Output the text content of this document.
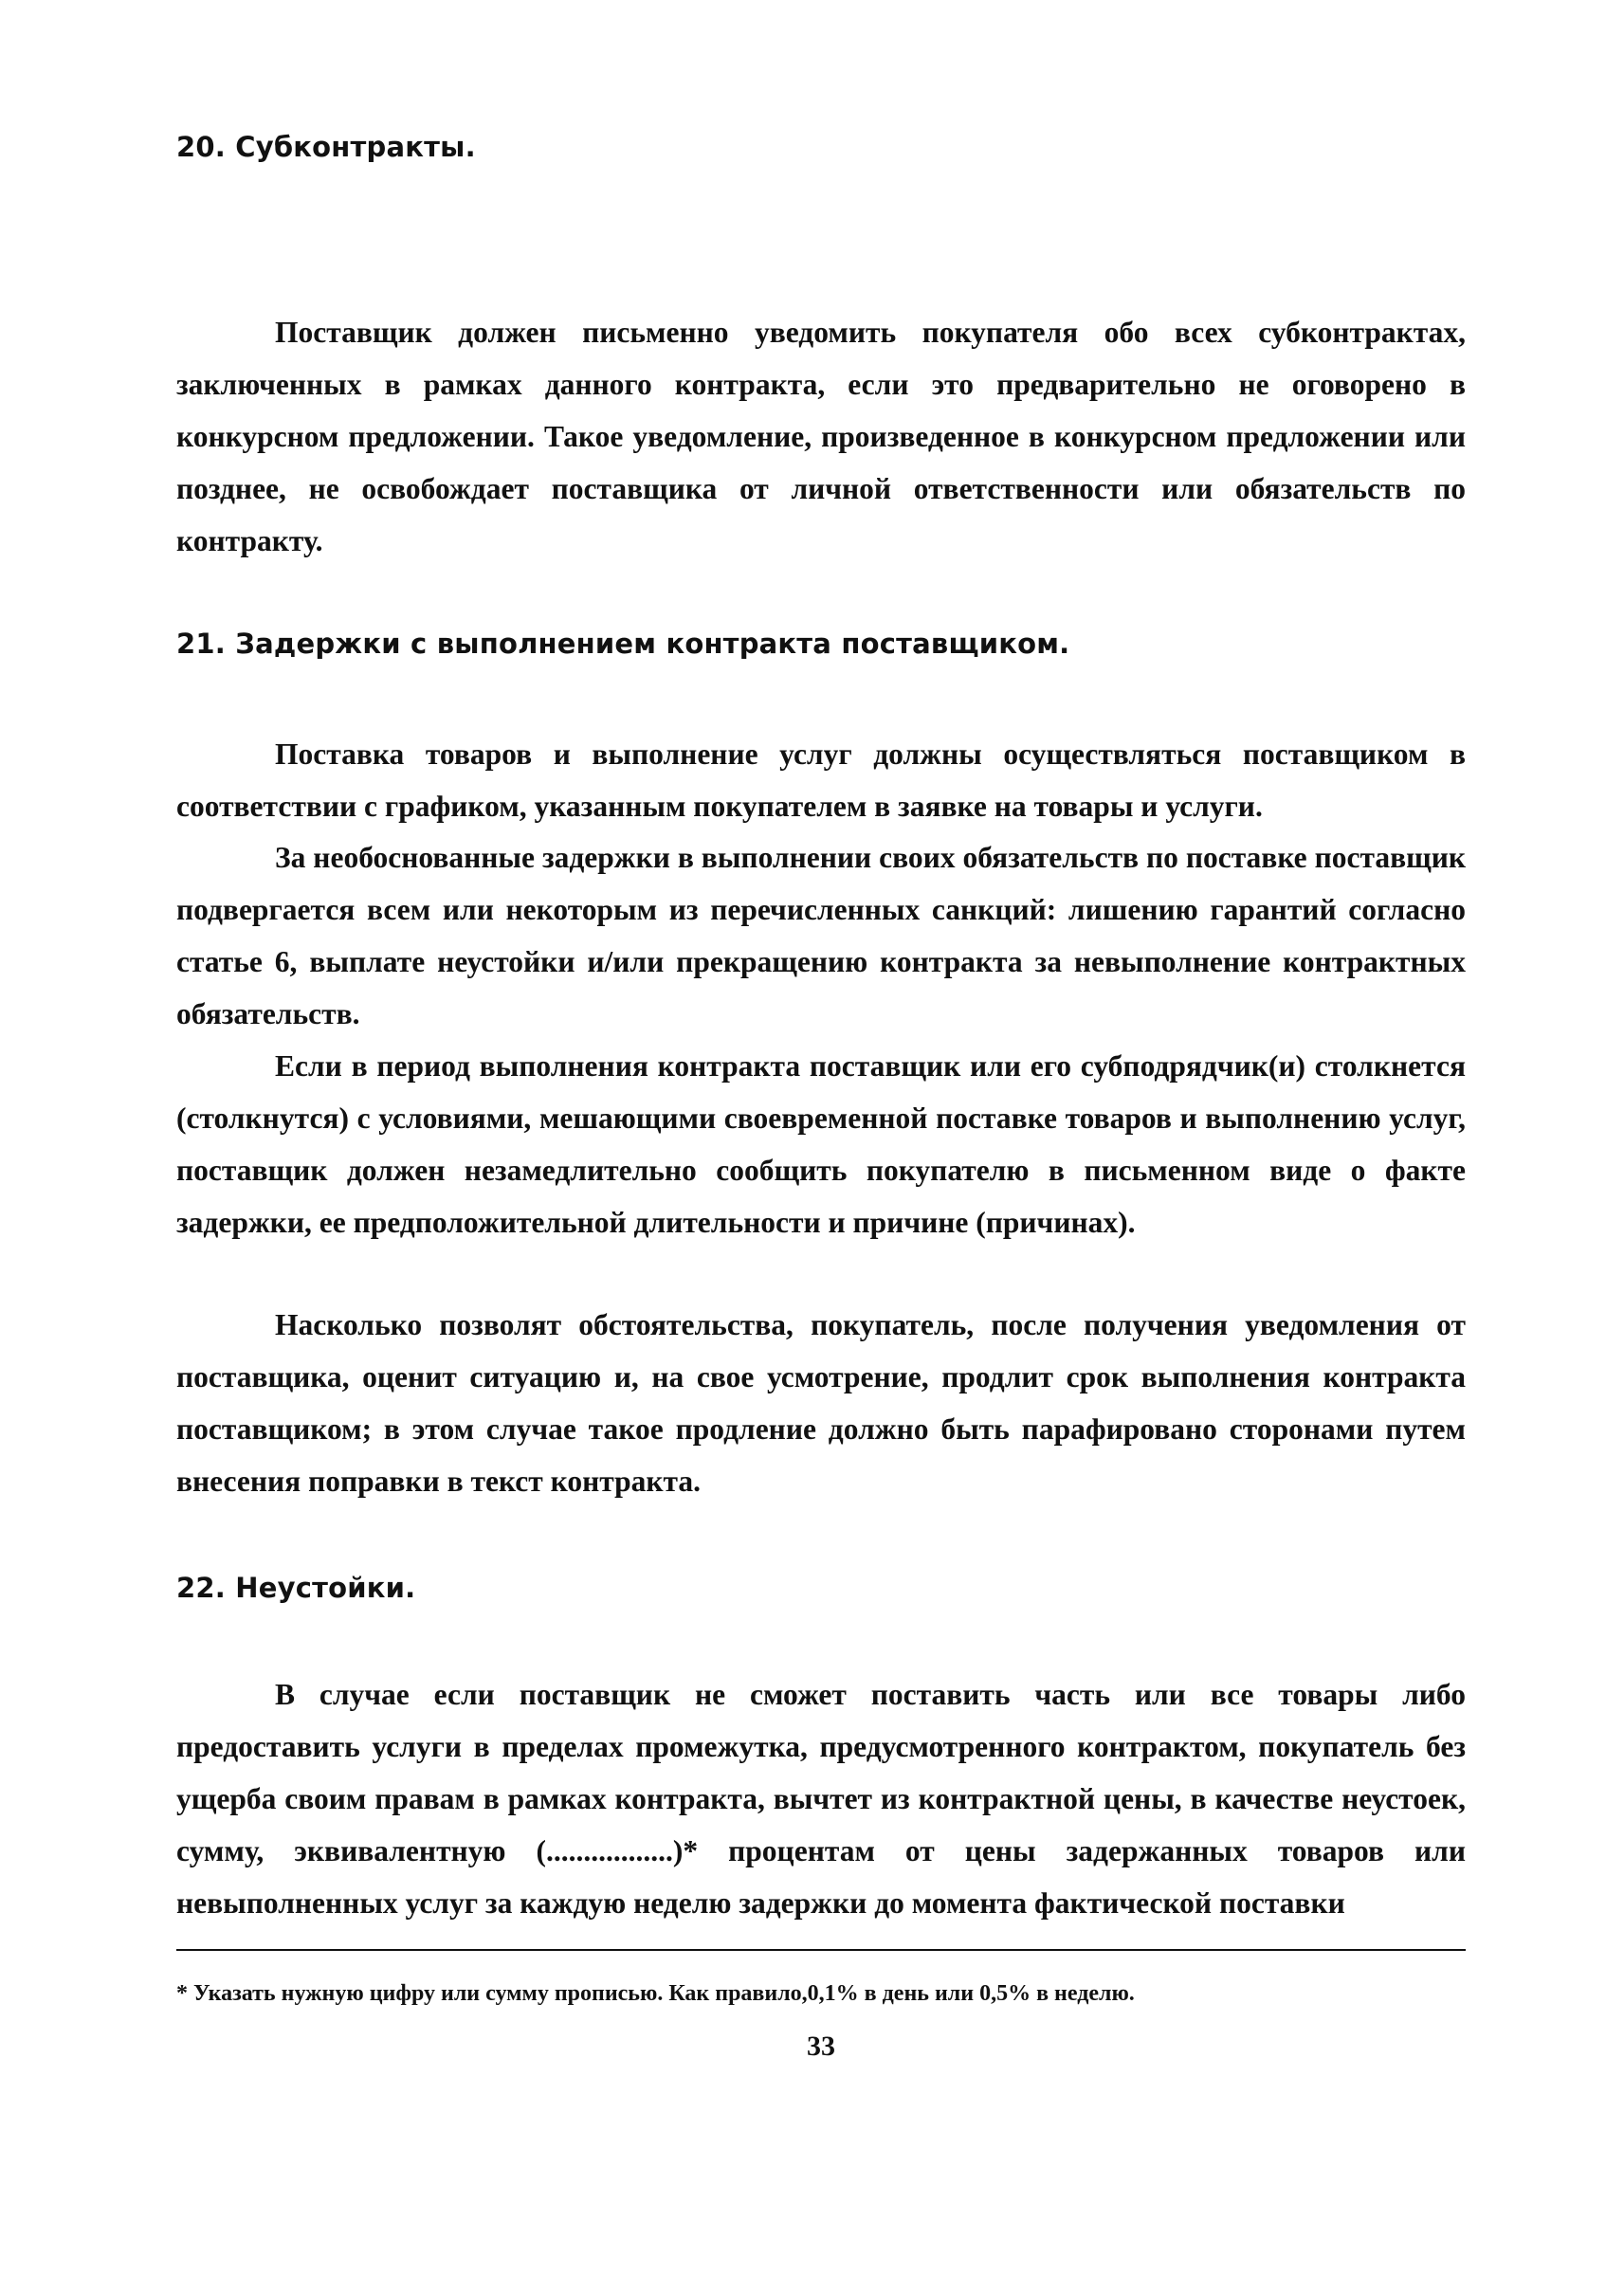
20. Субконтракты.

Поставщик должен письменно уведомить покупателя обо всех субконтрактах, заключенных в рамках данного контракта, если это предварительно не оговорено в конкурсном предложении. Такое уведомление, произведенное в конкурсном предложении или позднее, не освобождает поставщика от личной ответственности или обязательств по контракту.

21. Задержки с выполнением контракта поставщиком.

Поставка товаров и выполнение услуг должны осуществляться поставщиком в соответствии с графиком, указанным покупателем в заявке на товары и услуги.

За необоснованные задержки в выполнении своих обязательств по поставке поставщик подвергается всем или некоторым из перечисленных санкций: лишению гарантий согласно статье 6, выплате неустойки и/или прекращению контракта за невыполнение контрактных обязательств.

Если в период выполнения контракта поставщик или его субподрядчик(и) столкнется (столкнутся) с условиями, мешающими своевременной поставке товаров и выполнению услуг, поставщик должен незамедлительно сообщить покупателю в письменном виде о факте задержки, ее предположительной длительности и причине (причинах).

Насколько позволят обстоятельства, покупатель, после получения уведомления от поставщика, оценит ситуацию и, на свое усмотрение, продлит срок выполнения контракта поставщиком; в этом случае такое продление должно быть парафировано сторонами путем внесения поправки в текст контракта.

22. Неустойки.

В случае если поставщик не сможет поставить часть или все товары либо предоставить услуги в пределах промежутка, предусмотренного контрактом, покупатель без ущерба своим правам в рамках контракта, вычтет из контрактной цены, в качестве неустоек, сумму, эквивалентную (.................)* процентам от цены задержанных товаров или невыполненных услуг за каждую неделю задержки до момента фактической поставки

* Указать нужную цифру или сумму прописью. Как правило,0,1% в день или 0,5% в неделю.

33
